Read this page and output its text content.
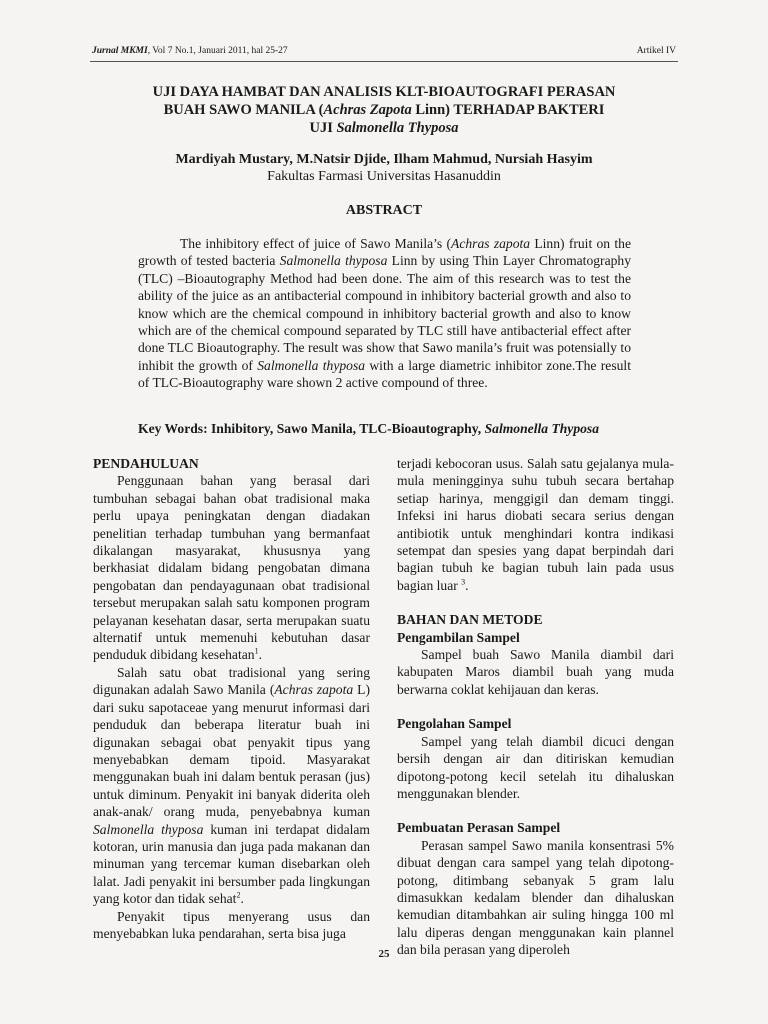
Jurnal MKMI, Vol 7 No.1, Januari 2011, hal 25-27	Artikel IV
UJI DAYA HAMBAT DAN ANALISIS KLT-BIOAUTOGRAFI PERASAN
BUAH SAWO MANILA (Achras Zapota Linn) TERHADAP BAKTERI
UJI Salmonella Thyposa
Mardiyah Mustary, M.Natsir Djide, Ilham Mahmud, Nursiah Hasyim
Fakultas Farmasi Universitas Hasanuddin
ABSTRACT
The inhibitory effect of juice of Sawo Manila’s (Achras zapota Linn) fruit on the growth of tested bacteria Salmonella thyposa Linn by using Thin Layer Chromatography (TLC) –Bioautography Method had been done. The aim of this research was to test the ability of the juice as an antibacterial compound in inhibitory bacterial growth and also to know which are the chemical compound in inhibitory bacterial growth and also to know which are of the chemical compound separated by TLC still have antibacterial effect after done TLC Bioautography. The result was show that Sawo manila’s fruit was potensially to inhibit the growth of Salmonella thyposa with a large diametric inhibitor zone.The result of TLC-Bioautography ware shown 2 active compound of three.
Key Words: Inhibitory, Sawo Manila, TLC-Bioautography, Salmonella Thyposa
PENDAHULUAN

Penggunaan bahan yang berasal dari tumbuhan sebagai bahan obat tradisional maka perlu upaya peningkatan dengan diadakan penelitian terhadap tumbuhan yang bermanfaat dikalangan masyarakat, khususnya yang berkhasiat didalam bidang pengobatan dimana pengobatan dan pendayagunaan obat tradisional tersebut merupakan salah satu komponen program pelayanan kesehatan dasar, serta merupakan suatu alternatif untuk memenuhi kebutuhan dasar penduduk dibidang kesehatan$^1$.

Salah satu obat tradisional yang sering digunakan adalah Sawo Manila (Achras zapota L) dari suku sapotaceae yang menurut informasi dari penduduk dan beberapa literatur buah ini digunakan sebagai obat penyakit tipus yang menyebabkan demam tipoid. Masyarakat menggunakan buah ini dalam bentuk perasan (jus) untuk diminum. Penyakit ini banyak diderita oleh anak-anak/ orang muda, penyebabnya kuman Salmonella thyposa kuman ini terdapat didalam kotoran, urin manusia dan juga pada makanan dan minuman yang tercemar kuman disebarkan oleh lalat. Jadi penyakit ini bersumber pada lingkungan yang kotor dan tidak sehat$^2$.

Penyakit tipus menyerang usus dan menyebabkan luka pendarahan, serta bisa juga

terjadi kebocoran usus. Salah satu gejalanya mula-mula meningginya suhu tubuh secara bertahap setiap harinya, menggigil dan demam tinggi. Infeksi ini harus diobati secara serius dengan antibiotik untuk menghindari kontra indikasi setempat dan spesies yang dapat berpindah dari bagian tubuh ke bagian tubuh lain pada usus bagian luar $^3$.

BAHAN DAN METODE
Pengambilan Sampel

Sampel buah Sawo Manila diambil dari kabupaten Maros diambil buah yang muda berwarna coklat kehijauan dan keras.

Pengolahan Sampel

Sampel yang telah diambil dicuci dengan bersih dengan air dan ditiriskan kemudian dipotong-potong kecil setelah itu dihaluskan menggunakan blender.

Pembuatan Perasan Sampel

Perasan sampel Sawo manila konsentrasi 5% dibuat dengan cara sampel yang telah dipotong-potong, ditimbang sebanyak 5 gram lalu dimasukkan kedalam blender dan dihaluskan kemudian ditambahkan air suling hingga 100 ml lalu diperas dengan menggunakan kain plannel dan bila perasan yang diperoleh

25
